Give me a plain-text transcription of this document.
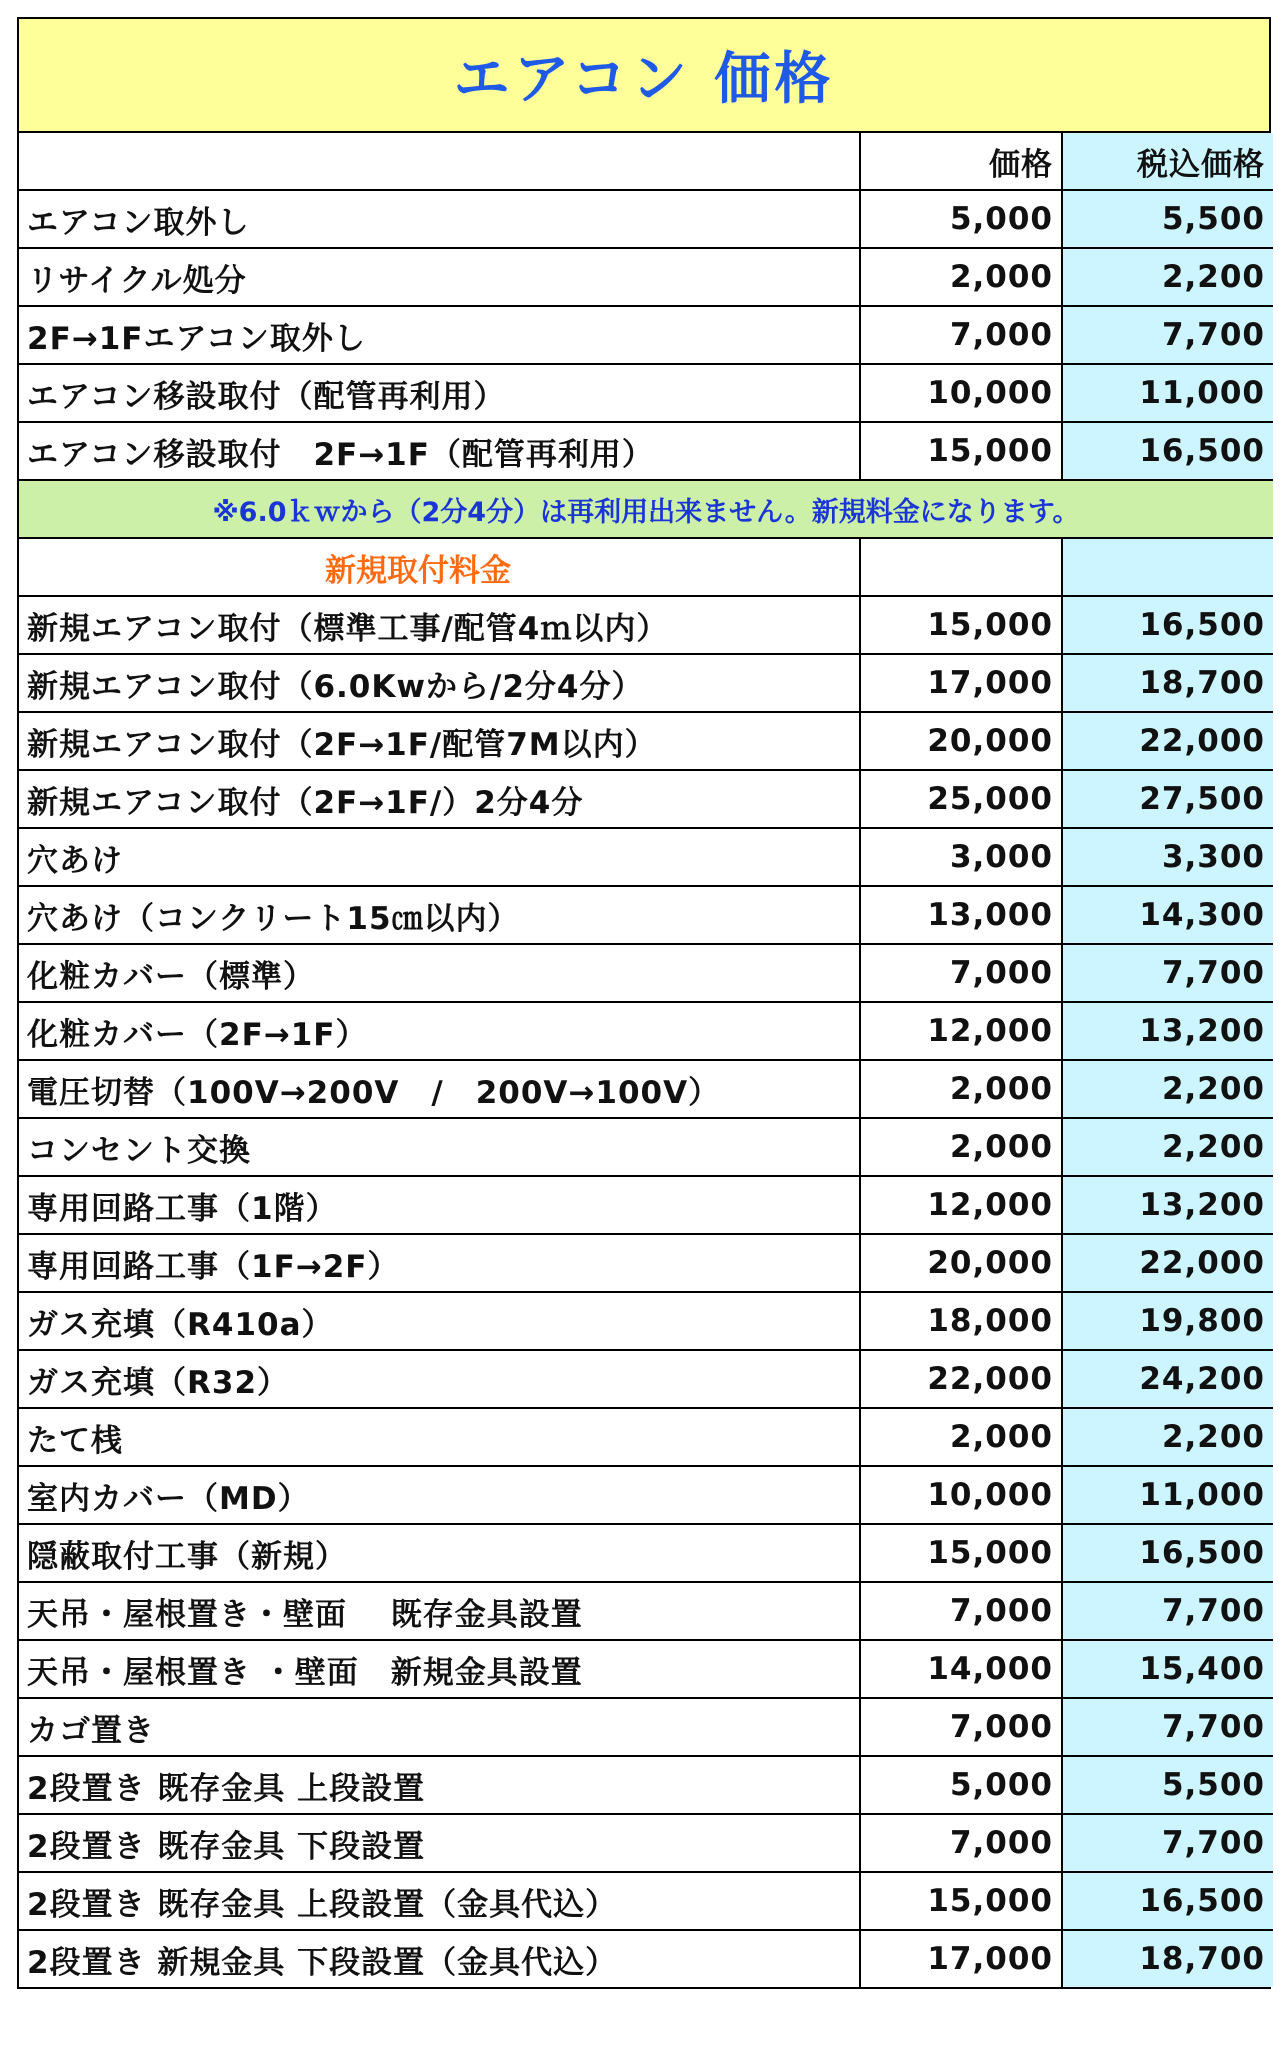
エアコン 価格
	価格	税込価格
エアコン取外し	5,000	5,500
リサイクル処分	2,000	2,200
2F→1Fエアコン取外し	7,000	7,700
エアコン移設取付（配管再利用）	10,000	11,000
エアコン移設取付　2F→1F（配管再利用）	15,000	16,500
※6.0ｋｗから（2分4分）は再利用出来ません。新規料金になります。		
新規取付料金		
新規エアコン取付（標準工事/配管4ｍ以内）	15,000	16,500
新規エアコン取付（6.0Kwから/2分4分）	17,000	18,700
新規エアコン取付（2F→1F/配管7M以内）	20,000	22,000
新規エアコン取付（2F→1F/）2分4分	25,000	27,500
穴あけ	3,000	3,300
穴あけ（コンクリート15㎝以内）	13,000	14,300
化粧カバー（標準）	7,000	7,700
化粧カバー（2F→1F）	12,000	13,200
電圧切替（100V→200V　/　200V→100V）	2,000	2,200
コンセント交換	2,000	2,200
専用回路工事（1階）	12,000	13,200
専用回路工事（1F→2F）	20,000	22,000
ガス充填（R410a）	18,000	19,800
ガス充填（R32）	22,000	24,200
たて桟	2,000	2,200
室内カバー（MD）	10,000	11,000
隠蔽取付工事（新規）	15,000	16,500
天吊・屋根置き・壁面　 既存金具設置	7,000	7,700
天吊・屋根置き ・壁面　新規金具設置	14,000	15,400
カゴ置き	7,000	7,700
2段置き 既存金具 上段設置	5,000	5,500
2段置き 既存金具 下段設置	7,000	7,700
2段置き 既存金具 上段設置（金具代込）	15,000	16,500
2段置き 新規金具 下段設置（金具代込）	17,000	18,700
